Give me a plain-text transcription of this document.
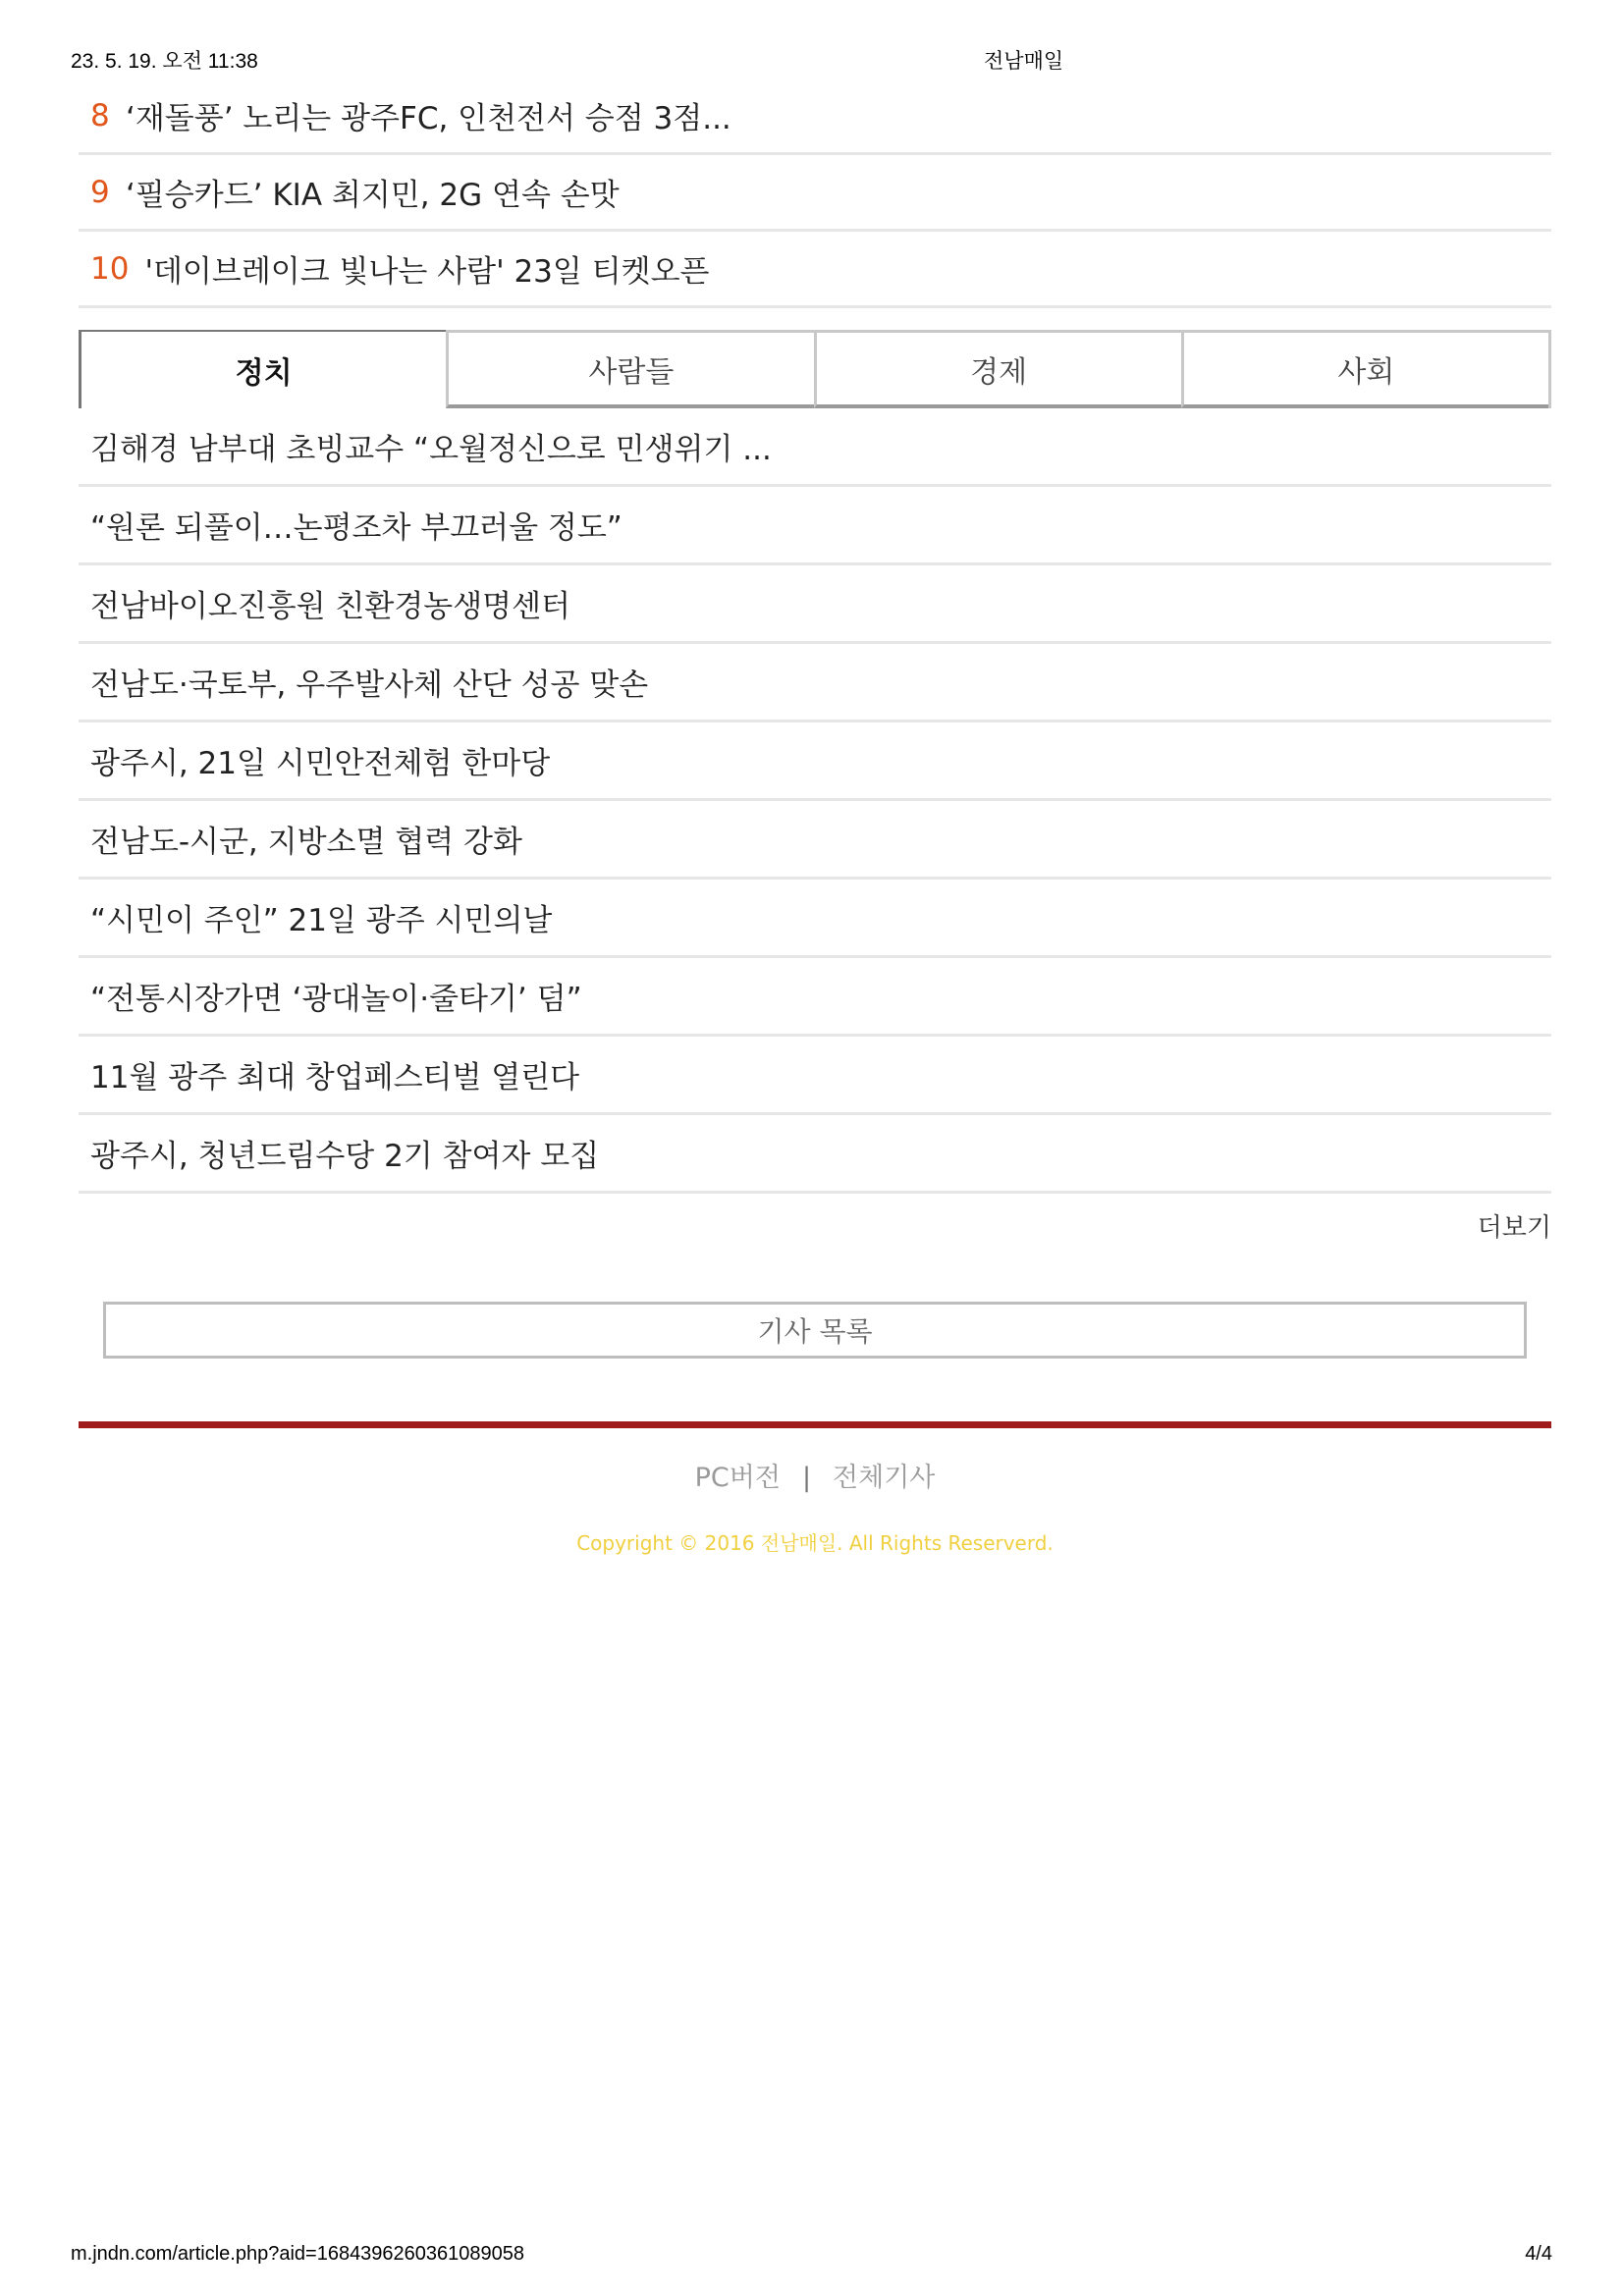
23. 5. 19. 오전 11:38	전남매일
8 ‘재돌풍’ 노리는 광주FC, 인천전서 승점 3점...
9 ‘필승카드’ KIA 최지민, 2G 연속 손맛
10 '데이브레이크 빛나는 사람' 23일 티켓오픈
정치	사람들	경제	사회
김해경 남부대 초빙교수 “오월정신으로 민생위기 ...
“원론 되풀이…논평조차 부끄러울 정도”
전남바이오진흥원 친환경농생명센터
전남도·국토부, 우주발사체 산단 성공 맞손
광주시, 21일 시민안전체험 한마당
전남도-시군, 지방소멸 협력 강화
“시민이 주인” 21일 광주 시민의날
“전통시장가면 ‘광대놀이·줄타기’ 덤”
11월 광주 최대 창업페스티벌 열린다
광주시, 청년드림수당 2기 참여자 모집
더보기
기사 목록
PC버전 | 전체기사
Copyright © 2016 전남매일. All Rights Reserverd.
m.jndn.com/article.php?aid=1684396260361089058	4/4
